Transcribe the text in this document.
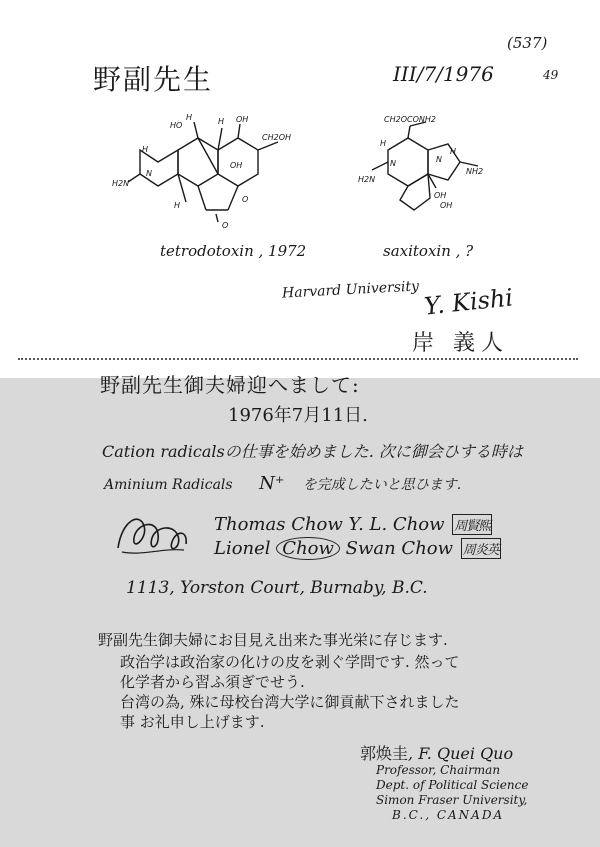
(537)
49
野副先生	III/7/1976
HO
H	H OH
CH2OH
H2N
H
N
H
O
O
OH
tetrodotoxin , 1972
CH2OCONH2
H
H2N
N	N
NH2
OH
OH
H
saxitoxin , ?
Harvard University Y. Kishi
岸 義人
野副先生御夫婦迎へまして:
1976年7月11日.
Cation radicalsの仕事を始めました. 次に御会ひする時は
Aminium Radicals N⁺ を完成したいと思ひます.
Thomas Chow Y. L. Chow 周賢熙
Lionel Chow Swan Chow 周炎英
1113, Yorston Court, Burnaby, B.C.
野副先生御夫婦にお目見え出来た事光栄に存じます.
政治学は政治家の化けの皮を剥ぐ学問です. 然って
化学者から習ふ須ぎでせう.
台湾の為, 殊に母校台湾大学に御貢献下されました
事 お礼申し上げます.
郭焕圭, F. Quei Quo
Professor, Chairman
Dept. of Political Science
Simon Fraser University,
B.C., CANADA
